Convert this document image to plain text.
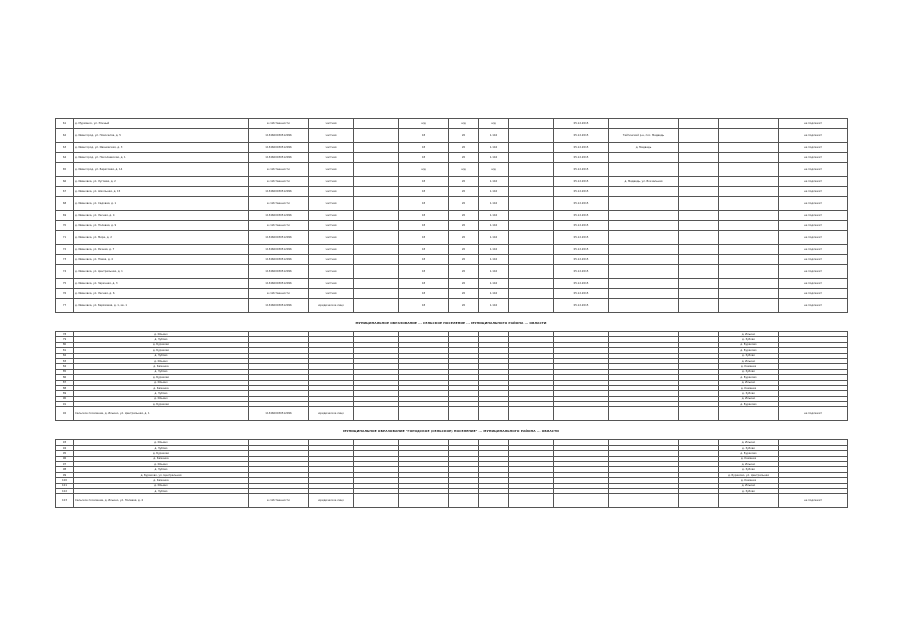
61	д. Мурманск, ул. Южный	в собственности	частная		н/д	н/д	н/д		05.12.2015				не подлежит
62	д. Ивангород, ул. Новоселов, д. 5	1134600030512096	частная		18	20	1.116		05.12.2015	Тайгинский р-н, пос. Медведь			не подлежит
63	д. Ивангород, ул. Ивановская, д. 3	1134600030512096	частная		18	20	1.116		05.12.2015	д. Медведь			не подлежит
64	д. Ивангород, ул. Николаевская, д. 1	1134600030512096	частная		18	20	1.116		05.12.2015				не подлежит
65	д. Ивангород, ул. Береговая, д. 14	в собственности	частная		н/д	н/д	н/д		05.12.2015				не подлежит
66	д. Ивановка, ул. Луговая, д. 2	в собственности	частная		18	20	1.116		05.12.2015	д. Медведь, ул. Вокзальная			не подлежит
67	д. Ивановка, ул. Школьная, д. 15	1134600030512096	частная		18	20	1.116		05.12.2015				не подлежит
68	д. Ивановка, ул. Садовая, д. 1	в собственности	частная		18	20	1.116		05.12.2015				не подлежит
69	д. Ивановка, ул. Лесная, д. 4	1134600030512096	частная		18	20	1.116		05.12.2015				не подлежит
70	д. Ивановка, ул. Полевая, д. 9	в собственности	частная		18	20	1.116		05.12.2015				не подлежит
71	д. Ивановка, ул. Мира, д. 2	1134600030512096	частная		18	20	1.116		05.12.2015				не подлежит
72	д. Ивановка, ул. Речная, д. 7	1134600030512096	частная		18	20	1.116		05.12.2015				не подлежит
73	д. Ивановка, ул. Новая, д. 4	1134600030512096	частная		18	20	1.116		05.12.2015				не подлежит
74	д. Ивановка, ул. Центральная, д. 1	1134600030512096	частная		18	20	1.116		05.12.2015				не подлежит
75	д. Ивановка, ул. Заречная, д. 3	1134600030512096	частная		18	20	1.116		05.12.2015				не подлежит
76	д. Ивановка, ул. Лесная, д. 6	в собственности	частная		18	20	1.116		05.12.2015				не подлежит
77	д. Ивановка, ул. Берёзовая, д. 1, кв. 1	1134600030512096	юридическое лицо		18	20	1.116		05.12.2015				не подлежит
МУНИЦИПАЛЬНОЕ ОБРАЗОВАНИЕ ... СЕЛЬСКОЕ ПОСЕЛЕНИЕ ... МУНИЦИПАЛЬНОГО РАЙОНА ... ОБЛАСТИ
78	д. Ильино											д. Ильино	
79	д. Зубово											д. Зубово	
80	д. Бураково											д. Бураково	
81	д. Бураково											д. Бураково	
82	д. Зубово											д. Зубово	
83	д. Ильино											д. Ильино	
84	д. Каменка											д. Каменка	
85	д. Зубово											д. Зубово	
86	д. Бураково											д. Бураково	
87	д. Ильино											д. Ильино	
88	д. Каменка											д. Каменка	
89	д. Зубово											д. Зубово	
90	д. Ильино											д. Ильино	
91	д. Бураково											д. Бураково	
92	Сельское поселение, д. Ильино, ул. Центральная, д. 1	1134600030512096	юридическое лицо										не подлежит
МУНИЦИПАЛЬНОЕ ОБРАЗОВАНИЕ "ГОРОДСКОЕ (СЕЛЬСКОЕ) ПОСЕЛЕНИЕ" ... МУНИЦИПАЛЬНОГО РАЙОНА ... ОБЛАСТИ
93	д. Ильино											д. Ильино	
94	д. Зубово											д. Зубово	
95	д. Бураково											д. Бураково	
96	д. Каменка											д. Каменка	
97	д. Ильино											д. Ильино	
98	д. Зубово											д. Зубово	
99	д. Бураково, ул. Центральная											д. Бураково, ул. Центральная	
100	д. Каменка											д. Каменка	
101	д. Ильино											д. Ильино	
102	д. Зубово											д. Зубово	
103	Сельское поселение, д. Ильино, ул. Полевая, д. 4	в собственности	юридическое лицо										не подлежит
